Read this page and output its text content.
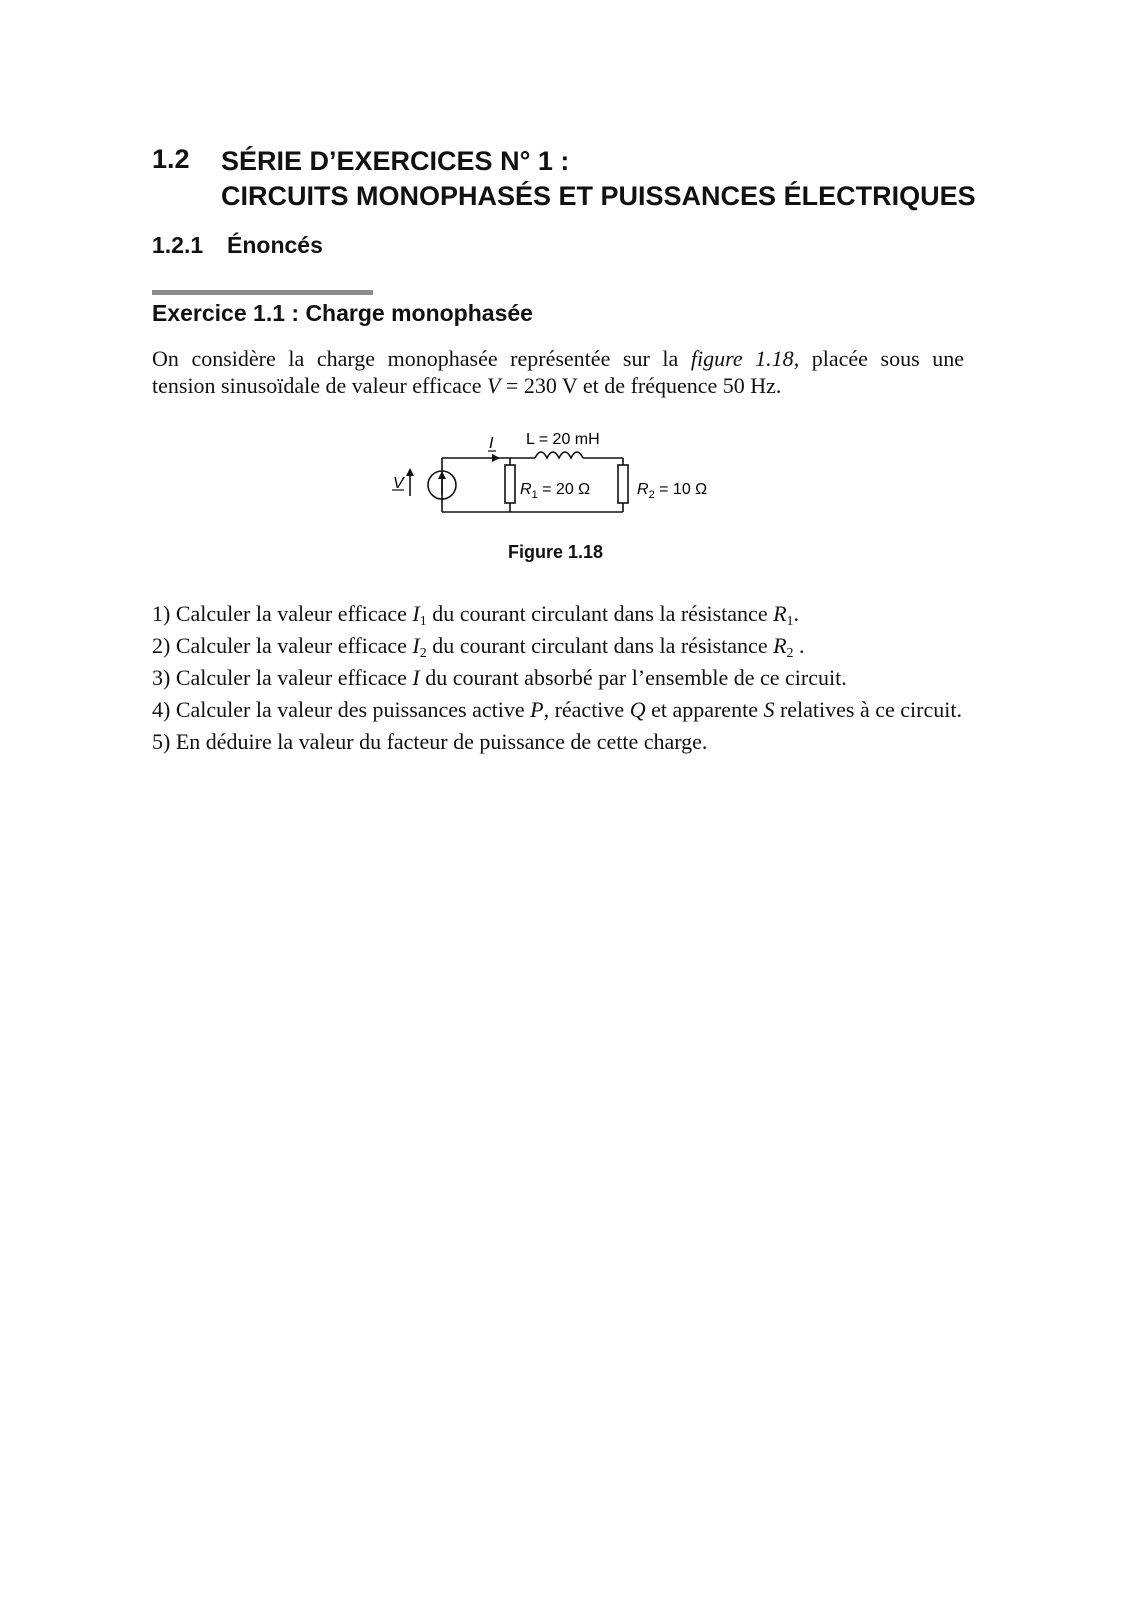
1.2 SÉRIE D’EXERCICES N° 1 :
CIRCUITS MONOPHASÉS ET PUISSANCES ÉLECTRIQUES
1.2.1 Énoncés
Exercice 1.1 : Charge monophasée
On considère la charge monophasée représentée sur la figure 1.18, placée sous une
tension sinusoïdale de valeur efficace V = 230 V et de fréquence 50 Hz.
V
I L = 20 mH
$R_1 = 20$ Ω	$R_2 = 10$ Ω
Figure 1.18
1) Calculer la valeur efficace $I_1$ du courant circulant dans la résistance $R_1$.
2) Calculer la valeur efficace $I_2$ du courant circulant dans la résistance $R_2$ .
3) Calculer la valeur efficace I du courant absorbé par l’ensemble de ce circuit.
4) Calculer la valeur des puissances active P, réactive Q et apparente S relatives à ce circuit.
5) En déduire la valeur du facteur de puissance de cette charge.
